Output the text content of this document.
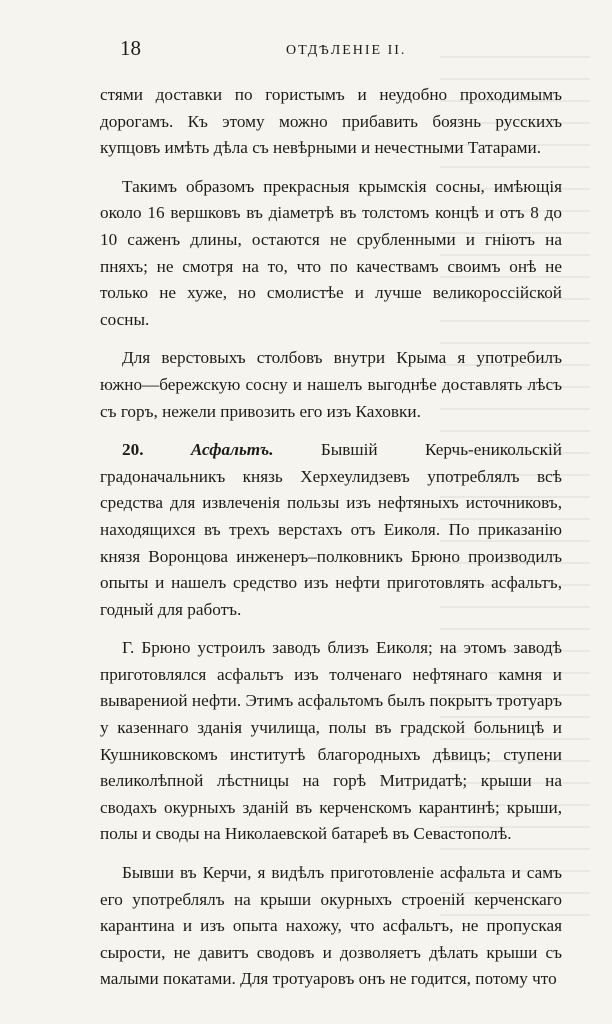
18	ОТДѢЛЕНІЕ II.

стями доставки по гористымъ и неудобно проходимымъ дорогамъ. Къ этому можно прибавить боязнь русскихъ купцовъ имѣть дѣла съ невѣрными и нечестными Татарами.

Такимъ образомъ прекрасныя крымскія сосны, имѣющія около 16 вершковъ въ діаметрѣ въ толстомъ концѣ и отъ 8 до 10 саженъ длины, остаются не срубленными и гніютъ на пняхъ; не смотря на то, что по качествамъ своимъ онѣ не только не хуже, но смолистѣе и лучше великороссійской сосны.

Для верстовыхъ столбовъ внутри Крыма я употребилъ южно—бережскую сосну и нашелъ выгоднѣе доставлять лѣсъ съ горъ, нежели привозить его изъ Каховки.

20.	Асфальтъ.	Бывшій Керчь-еникольскій градоначальникъ князь Херхеулидзевъ употреблялъ всѣ средства для извлеченія пользы изъ нефтяныхъ источниковъ, находящихся въ трехъ верстахъ отъ Еиколя. По приказанію князя Воронцова инженеръ–полковникъ Брюно производилъ опыты и нашелъ средство изъ нефти приготовлять асфальтъ, годный для работъ.

Г. Брюно устроилъ заводъ близъ Еиколя; на этомъ заводѣ приготовлялся асфальтъ изъ толченаго нефтянаго камня и выварениой нефти. Этимъ асфальтомъ былъ покрытъ тротуаръ у казеннаго зданія училища, полы въ градской больницѣ и Кушниковскомъ институтѣ благородныхъ дѣвицъ; ступени великолѣпной лѣстницы на горѣ Митридатѣ; крыши на сводахъ окурныхъ зданій въ керченскомъ карантинѣ; крыши, полы и своды на Николаевской батареѣ въ Севастополѣ.

Бывши въ Керчи, я видѣлъ приготовленіе асфальта и самъ его употреблялъ на крыши окурныхъ строеній керченскаго карантина и изъ опыта нахожу, что асфальтъ, не пропуская сырости, не давитъ сводовъ и дозволяетъ дѣлать крыши съ малыми покатами. Для тротуаровъ онъ не годится, потому что
